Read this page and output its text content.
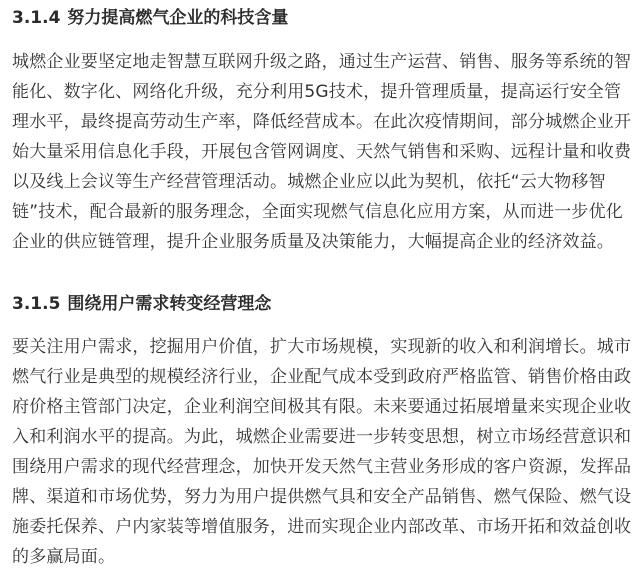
3.1.4 努力提高燃气企业的科技含量
城燃企业要坚定地走智慧互联网升级之路，通过生产运营、销售、服务等系统的智
能化、数字化、网络化升级，充分利用5G技术，提升管理质量，提高运行安全管
理水平，最终提高劳动生产率，降低经营成本。在此次疫情期间，部分城燃企业开
始大量采用信息化手段，开展包含管网调度、天然气销售和采购、远程计量和收费
以及线上会议等生产经营管理活动。城燃企业应以此为契机，依托“云大物移智
链”技术，配合最新的服务理念，全面实现燃气信息化应用方案，从而进一步优化
企业的供应链管理，提升企业服务质量及决策能力，大幅提高企业的经济效益。
3.1.5 围绕用户需求转变经营理念
要关注用户需求，挖掘用户价值，扩大市场规模，实现新的收入和利润增长。城市
燃气行业是典型的规模经济行业，企业配气成本受到政府严格监管、销售价格由政
府价格主管部门决定，企业利润空间极其有限。未来要通过拓展增量来实现企业收
入和利润水平的提高。为此，城燃企业需要进一步转变思想，树立市场经营意识和
围绕用户需求的现代经营理念，加快开发天然气主营业务形成的客户资源，发挥品
牌、渠道和市场优势，努力为用户提供燃气具和安全产品销售、燃气保险、燃气设
施委托保养、户内家装等增值服务，进而实现企业内部改革、市场开拓和效益创收
的多赢局面。
